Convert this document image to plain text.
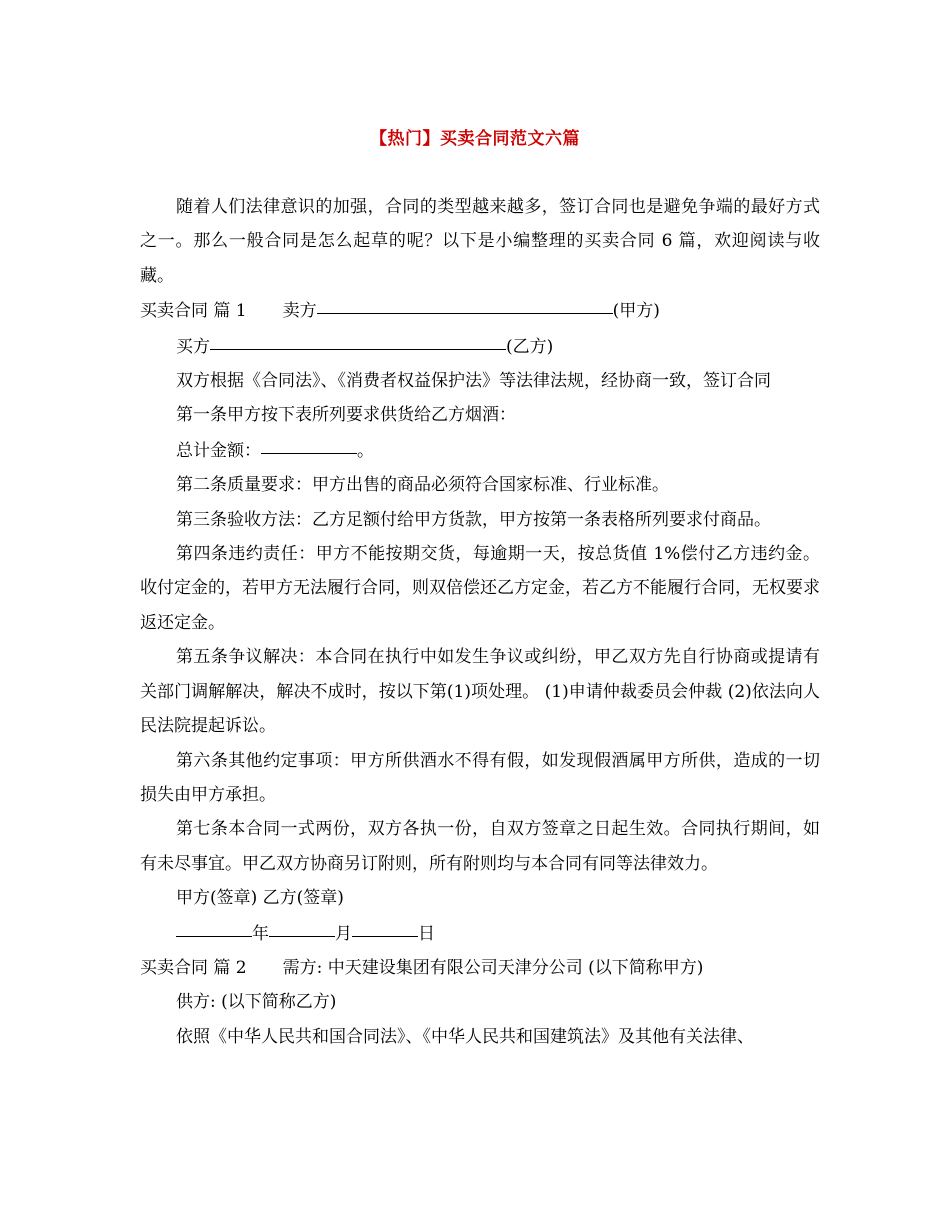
【热门】买卖合同范文六篇

随着人们法律意识的加强，合同的类型越来越多，签订合同也是避免争端的最好方式之一。那么一般合同是怎么起草的呢？以下是小编整理的买卖合同 6 篇，欢迎阅读与收藏。

买卖合同 篇 1 卖方	(甲方)

买方	(乙方)

双方根据《合同法》、《消费者权益保护法》等法律法规，经协商一致，签订合同

第一条甲方按下表所列要求供货给乙方烟酒：

总计金额：	。

第二条质量要求：甲方出售的商品必须符合国家标准、行业标准。

第三条验收方法：乙方足额付给甲方货款，甲方按第一条表格所列要求付商品。

第四条违约责任：甲方不能按期交货，每逾期一天，按总货值 1%偿付乙方违约金。收付定金的，若甲方无法履行合同，则双倍偿还乙方定金，若乙方不能履行合同，无权要求返还定金。

第五条争议解决：本合同在执行中如发生争议或纠纷，甲乙双方先自行协商或提请有关部门调解解决，解决不成时，按以下第(1)项处理。 (1)申请仲裁委员会仲裁 (2)依法向人民法院提起诉讼。

第六条其他约定事项：甲方所供酒水不得有假，如发现假酒属甲方所供，造成的一切损失由甲方承担。

第七条本合同一式两份，双方各执一份，自双方签章之日起生效。合同执行期间，如有未尽事宜。甲乙双方协商另订附则，所有附则均与本合同有同等法律效力。

甲方(签章) 乙方(签章)

年	月	日

买卖合同 篇 2 需方: 中天建设集团有限公司天津分公司 (以下简称甲方)

供方: (以下简称乙方)

依照《中华人民共和国合同法》、《中华人民共和国建筑法》及其他有关法律、
